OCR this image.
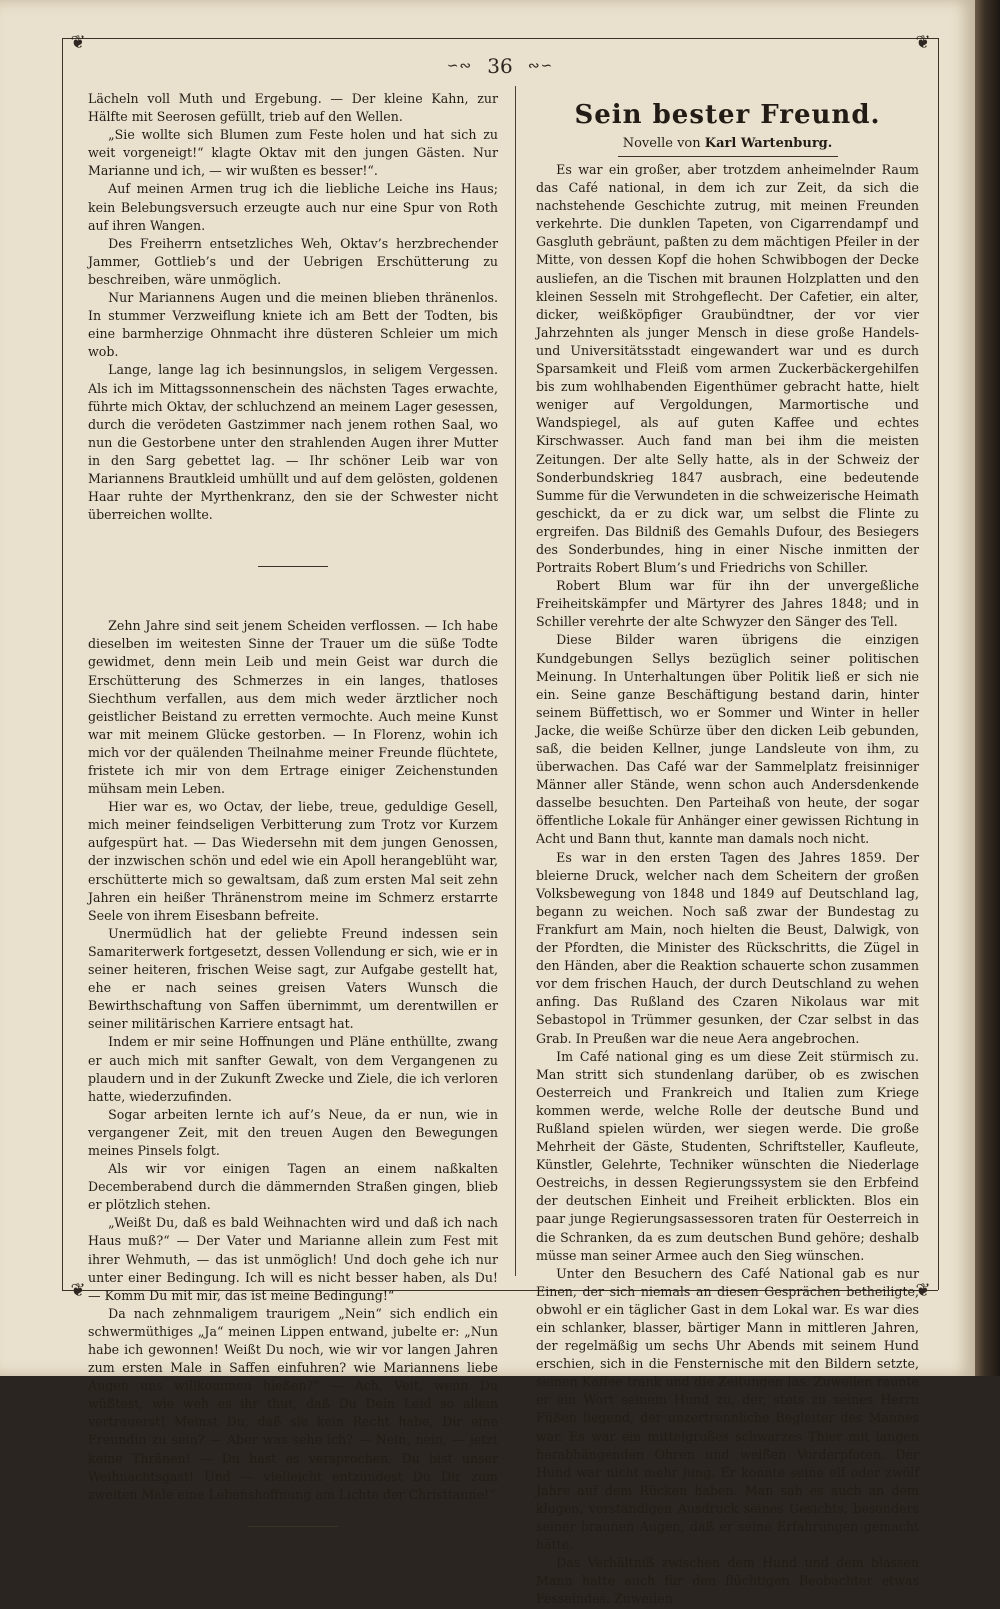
❦	❦
❦	❦
∽∾ 36 ∾∽

Lächeln voll Muth und Ergebung. — Der kleine Kahn, zur Hälfte mit Seerosen gefüllt, trieb auf den Wellen.

„Sie wollte sich Blumen zum Feste holen und hat sich zu weit vorgeneigt!“ klagte Oktav mit den jungen Gästen. Nur Marianne und ich, — wir wußten es besser!“.

Auf meinen Armen trug ich die liebliche Leiche ins Haus; kein Belebungsversuch erzeugte auch nur eine Spur von Roth auf ihren Wangen.

Des Freiherrn entsetzliches Weh, Oktav’s herzbrechender Jammer, Gottlieb’s und der Uebrigen Erschütterung zu beschreiben, wäre unmöglich.

Nur Mariannens Augen und die meinen blieben thränenlos. In stummer Verzweiflung kniete ich am Bett der Todten, bis eine barmherzige Ohnmacht ihre düsteren Schleier um mich wob.

Lange, lange lag ich besinnungslos, in seligem Vergessen. Als ich im Mittagssonnenschein des nächsten Tages erwachte, führte mich Oktav, der schluchzend an meinem Lager gesessen, durch die verödeten Gastzimmer nach jenem rothen Saal, wo nun die Gestorbene unter den strahlenden Augen ihrer Mutter in den Sarg gebettet lag. — Ihr schöner Leib war von Mariannens Brautkleid umhüllt und auf dem gelösten, goldenen Haar ruhte der Myrthenkranz, den sie der Schwester nicht überreichen wollte.

Zehn Jahre sind seit jenem Scheiden verflossen. — Ich habe dieselben im weitesten Sinne der Trauer um die süße Todte gewidmet, denn mein Leib und mein Geist war durch die Erschütterung des Schmerzes in ein langes, thatloses Siechthum verfallen, aus dem mich weder ärztlicher noch geistlicher Beistand zu erretten vermochte. Auch meine Kunst war mit meinem Glücke gestorben. — In Florenz, wohin ich mich vor der quälenden Theilnahme meiner Freunde flüchtete, fristete ich mir von dem Ertrage einiger Zeichenstunden mühsam mein Leben.

Hier war es, wo Octav, der liebe, treue, geduldige Gesell, mich meiner feindseligen Verbitterung zum Trotz vor Kurzem aufgespürt hat. — Das Wiedersehn mit dem jungen Genossen, der inzwischen schön und edel wie ein Apoll herangeblüht war, erschütterte mich so gewaltsam, daß zum ersten Mal seit zehn Jahren ein heißer Thränenstrom meine im Schmerz erstarrte Seele von ihrem Eisesbann befreite.

Unermüdlich hat der geliebte Freund indessen sein Samariterwerk fortgesetzt, dessen Vollendung er sich, wie er in seiner heiteren, frischen Weise sagt, zur Aufgabe gestellt hat, ehe er nach seines greisen Vaters Wunsch die Bewirthschaftung von Saffen übernimmt, um derentwillen er seiner militärischen Karriere entsagt hat.

Indem er mir seine Hoffnungen und Pläne enthüllte, zwang er auch mich mit sanfter Gewalt, von dem Vergangenen zu plaudern und in der Zukunft Zwecke und Ziele, die ich verloren hatte, wiederzufinden.

Sogar arbeiten lernte ich auf’s Neue, da er nun, wie in vergangener Zeit, mit den treuen Augen den Bewegungen meines Pinsels folgt.

Als wir vor einigen Tagen an einem naßkalten Decemberabend durch die dämmernden Straßen gingen, blieb er plötzlich stehen.

„Weißt Du, daß es bald Weihnachten wird und daß ich nach Haus muß?“ — Der Vater und Marianne allein zum Fest mit ihrer Wehmuth, — das ist unmöglich! Und doch gehe ich nur unter einer Bedingung. Ich will es nicht besser haben, als Du! — Komm Du mit mir, das ist meine Bedingung!“

Da nach zehnmaligem traurigem „Nein“ sich endlich ein schwermüthiges „Ja“ meinen Lippen entwand, jubelte er: „Nun habe ich gewonnen! Weißt Du noch, wie wir vor langen Jahren zum ersten Male in Saffen einfuhren? wie Mariannens liebe Augen uns willkommen hießen?“ — Ach, Veit, wenn Du wüßtest, wie weh es ihr thut, daß Du Dein Leid so allein vertrauerst! Meinst Du, daß sie kein Recht habe, Dir eine Freundin zu sein? — Aber was sehe ich? — Nein, nein, — jetzt keine Thränen! — Du hast es versprochen, Du bist unser Weihnachtsgast! Und — vielleicht entzündest Du Dir zum zweiten Male eine Lebenshoffnung am Lichte der Christtanne!“

Sein bester Freund.
Novelle von Karl Wartenburg.

Es war ein großer, aber trotzdem anheimelnder Raum das Café national, in dem ich zur Zeit, da sich die nachstehende Geschichte zutrug, mit meinen Freunden verkehrte. Die dunklen Tapeten, von Cigarrendampf und Gasgluth gebräunt, paßten zu dem mächtigen Pfeiler in der Mitte, von dessen Kopf die hohen Schwibbogen der Decke ausliefen, an die Tischen mit braunen Holzplatten und den kleinen Sesseln mit Strohgeflecht. Der Cafetier, ein alter, dicker, weißköpfiger Graubündtner, der vor vier Jahrzehnten als junger Mensch in diese große Handels- und Universitätsstadt eingewandert war und es durch Sparsamkeit und Fleiß vom armen Zuckerbäckergehilfen bis zum wohlhabenden Eigenthümer gebracht hatte, hielt weniger auf Vergoldungen, Marmortische und Wandspiegel, als auf guten Kaffee und echtes Kirschwasser. Auch fand man bei ihm die meisten Zeitungen. Der alte Selly hatte, als in der Schweiz der Sonderbundskrieg 1847 ausbrach, eine bedeutende Summe für die Verwundeten in die schweizerische Heimath geschickt, da er zu dick war, um selbst die Flinte zu ergreifen. Das Bildniß des Gemahls Dufour, des Besiegers des Sonderbundes, hing in einer Nische inmitten der Portraits Robert Blum’s und Friedrichs von Schiller.

Robert Blum war für ihn der unvergeßliche Freiheitskämpfer und Märtyrer des Jahres 1848; und in Schiller verehrte der alte Schwyzer den Sänger des Tell.

Diese Bilder waren übrigens die einzigen Kundgebungen Sellys bezüglich seiner politischen Meinung. In Unterhaltungen über Politik ließ er sich nie ein. Seine ganze Beschäftigung bestand darin, hinter seinem Büffettisch, wo er Sommer und Winter in heller Jacke, die weiße Schürze über den dicken Leib gebunden, saß, die beiden Kellner, junge Landsleute von ihm, zu überwachen. Das Café war der Sammelplatz freisinniger Männer aller Stände, wenn schon auch Andersdenkende dasselbe besuchten. Den Parteihaß von heute, der sogar öffentliche Lokale für Anhänger einer gewissen Richtung in Acht und Bann thut, kannte man damals noch nicht.

Es war in den ersten Tagen des Jahres 1859. Der bleierne Druck, welcher nach dem Scheitern der großen Volksbewegung von 1848 und 1849 auf Deutschland lag, begann zu weichen. Noch saß zwar der Bundestag zu Frankfurt am Main, noch hielten die Beust, Dalwigk, von der Pfordten, die Minister des Rückschritts, die Zügel in den Händen, aber die Reaktion schauerte schon zusammen vor dem frischen Hauch, der durch Deutschland zu wehen anfing. Das Rußland des Czaren Nikolaus war mit Sebastopol in Trümmer gesunken, der Czar selbst in das Grab. In Preußen war die neue Aera angebrochen.

Im Café national ging es um diese Zeit stürmisch zu. Man stritt sich stundenlang darüber, ob es zwischen Oesterreich und Frankreich und Italien zum Kriege kommen werde, welche Rolle der deutsche Bund und Rußland spielen würden, wer siegen werde. Die große Mehrheit der Gäste, Studenten, Schriftsteller, Kaufleute, Künstler, Gelehrte, Techniker wünschten die Niederlage Oestreichs, in dessen Regierungssystem sie den Erbfeind der deutschen Einheit und Freiheit erblickten. Blos ein paar junge Regierungsassessoren traten für Oesterreich in die Schranken, da es zum deutschen Bund gehöre; deshalb müsse man seiner Armee auch den Sieg wünschen.

Unter den Besuchern des Café National gab es nur Einen, der sich niemals an diesen Gesprächen betheiligte, obwohl er ein täglicher Gast in dem Lokal war. Es war dies ein schlanker, blasser, bärtiger Mann in mittleren Jahren, der regelmäßig um sechs Uhr Abends mit seinem Hund erschien, sich in die Fensternische mit den Bildern setzte, seinen Kaffee trank und die Zeitungen las. Zuweilen raunte er ein Wort seinem Hund zu, der, stets zu seines Herrn Füßen liegend, der unzertrennliche Begleiter des Mannes war. Es war ein mittelgroßes schwarzes Thier mit langen herabhängenden Ohren und weißen Vorderpfoten. Der Hund war nicht mehr jung. Er konnte seine elf oder zwölf Jahre auf dem Rücken haben. Man sah es auch an dem klugen, verständigen Ausdruck seines Gesichts, besonders seiner braunen Augen, daß er seine Erfahrungen gemacht hätte.

Das Verhältniß zwischen dem Hund und dem blassen Mann hatte auch für den flüchtigen Beobachter etwas Fesselndes. Zuweilen
